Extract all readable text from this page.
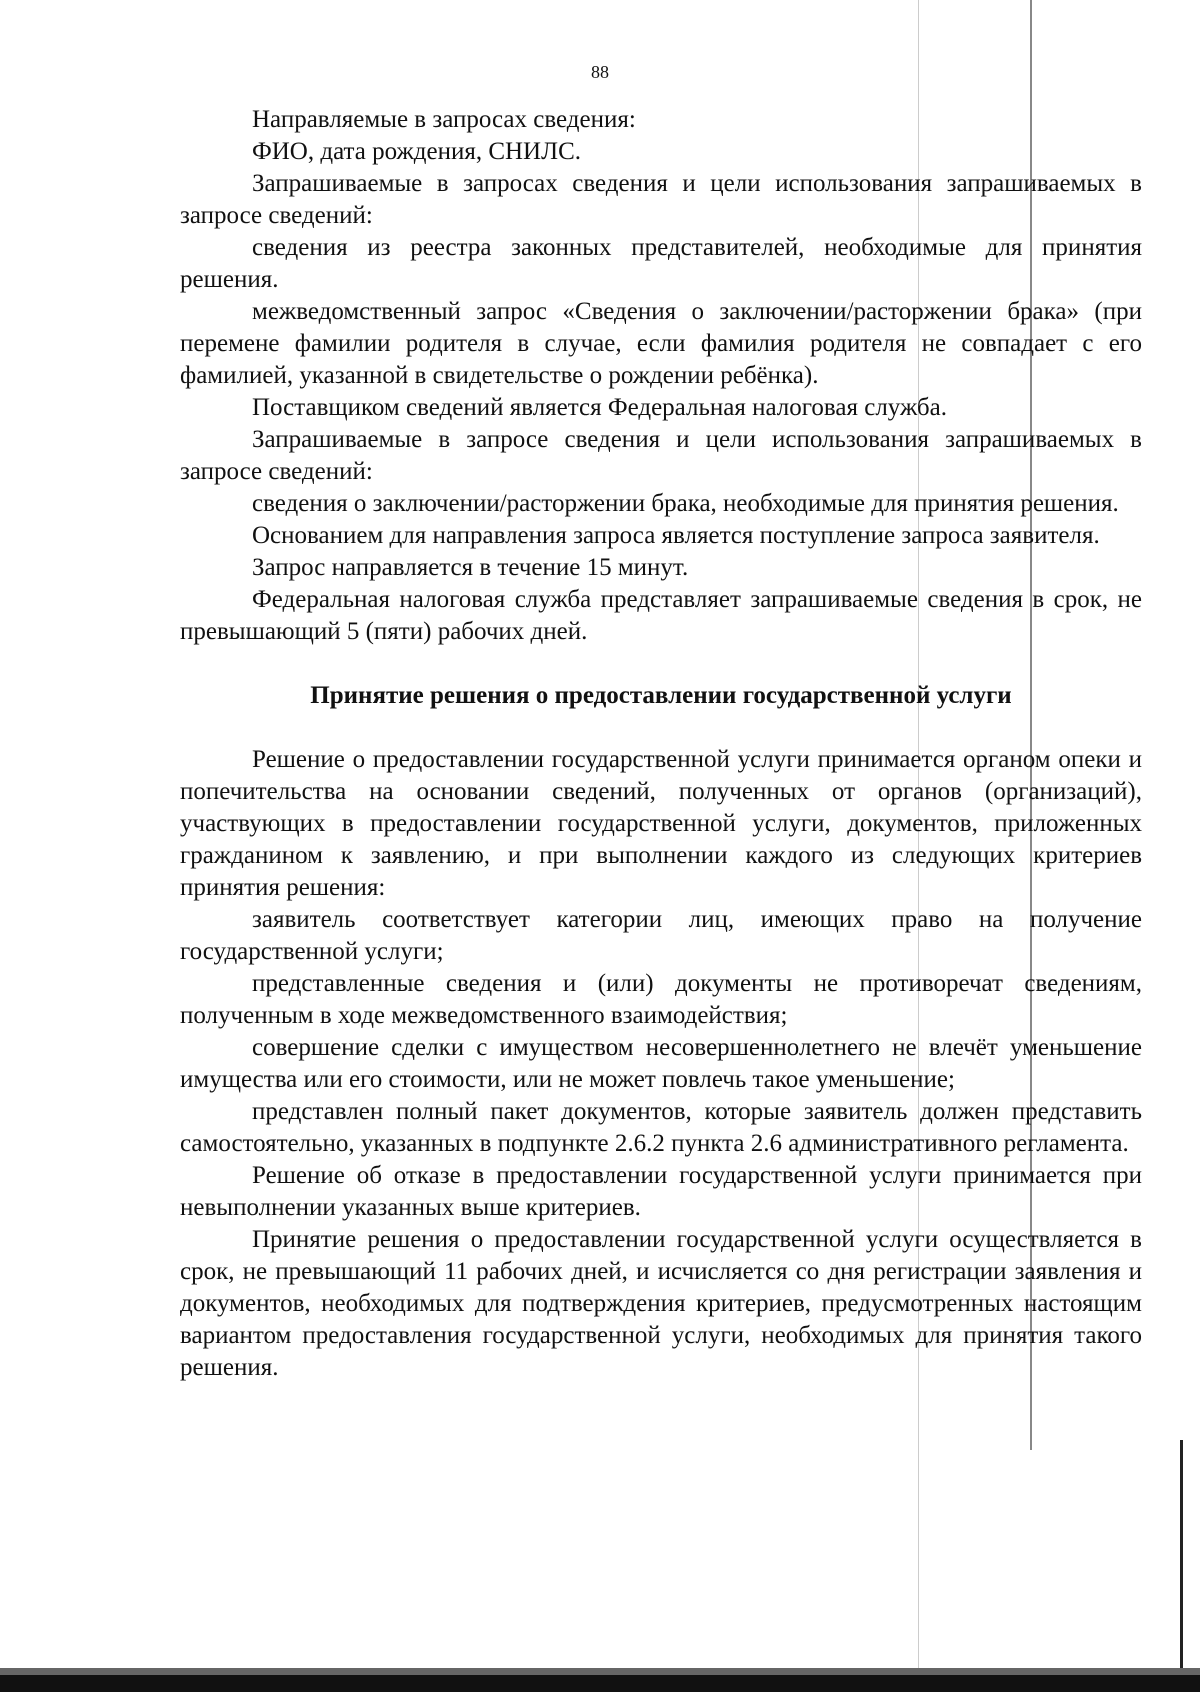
88

Направляемые в запросах сведения:

ФИО, дата рождения, СНИЛС.

Запрашиваемые в запросах сведения и цели использования запрашиваемых в запросе сведений:

сведения из реестра законных представителей, необходимые для принятия решения.

межведомственный запрос «Сведения о заключении/расторжении брака» (при перемене фамилии родителя в случае, если фамилия родителя не совпадает с его фамилией, указанной в свидетельстве о рождении ребёнка).

Поставщиком сведений является Федеральная налоговая служба.

Запрашиваемые в запросе сведения и цели использования запрашиваемых в запросе сведений:

сведения о заключении/расторжении брака, необходимые для принятия решения.

Основанием для направления запроса является поступление запроса заявителя.

Запрос направляется в течение 15 минут.

Федеральная налоговая служба представляет запрашиваемые сведения в срок, не превышающий 5 (пяти) рабочих дней.

Принятие решения о предоставлении государственной услуги

Решение о предоставлении государственной услуги принимается органом опеки и попечительства на основании сведений, полученных от органов (организаций), участвующих в предоставлении государственной услуги, документов, приложенных гражданином к заявлению, и при выполнении каждого из следующих критериев принятия решения:

заявитель соответствует категории лиц, имеющих право на получение государственной услуги;

представленные сведения и (или) документы не противоречат сведениям, полученным в ходе межведомственного взаимодействия;

совершение сделки с имуществом несовершеннолетнего не влечёт уменьшение имущества или его стоимости, или не может повлечь такое уменьшение;

представлен полный пакет документов, которые заявитель должен представить самостоятельно, указанных в подпункте 2.6.2 пункта 2.6 административного регламента.

Решение об отказе в предоставлении государственной услуги принимается при невыполнении указанных выше критериев.

Принятие решения о предоставлении государственной услуги осуществляется в срок, не превышающий 11 рабочих дней, и исчисляется со дня регистрации заявления и документов, необходимых для подтверждения критериев, предусмотренных настоящим вариантом предоставления государственной услуги, необходимых для принятия такого решения.
